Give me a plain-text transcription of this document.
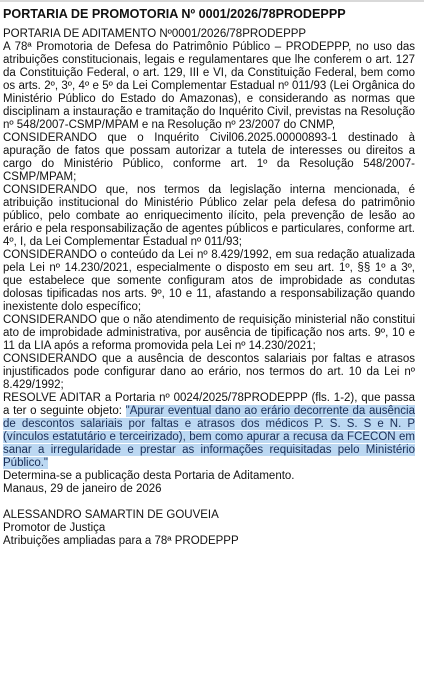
PORTARIA DE PROMOTORIA Nº 0001/2026/78PRODEPPP

PORTARIA DE ADITAMENTO Nº0001/2026/78PRODEPPP

A 78ª Promotoria de Defesa do Patrimônio Público – PRODEPPP, no uso das atribuições constitucionais, legais e regulamentares que lhe conferem o art. 127 da Constituição Federal, o art. 129, III e VI, da Constituição Federal, bem como os arts. 2º, 3º, 4º e 5º da Lei Complementar Estadual nº 011/93 (Lei Orgânica do Ministério Público do Estado do Amazonas), e considerando as normas que disciplinam a instauração e tramitação do Inquérito Civil, previstas na Resolução nº 548/2007-CSMP/MPAM e na Resolução nº 23/2007 do CNMP,

CONSIDERANDO que o Inquérito Civil06.2025.00000893-1 destinado à apuração de fatos que possam autorizar a tutela de interesses ou direitos a cargo do Ministério Público, conforme art. 1º da Resolução 548/2007-CSMP/MPAM;

CONSIDERANDO que, nos termos da legislação interna mencionada, é atribuição institucional do Ministério Público zelar pela defesa do patrimônio público, pelo combate ao enriquecimento ilícito, pela prevenção de lesão ao erário e pela responsabilização de agentes públicos e particulares, conforme art. 4º, I, da Lei Complementar Estadual nº 011/93;

CONSIDERANDO o conteúdo da Lei nº 8.429/1992, em sua redação atualizada pela Lei nº 14.230/2021, especialmente o disposto em seu art. 1º, §§ 1º a 3º, que estabelece que somente configuram atos de improbidade as condutas dolosas tipificadas nos arts. 9º, 10 e 11, afastando a responsabilização quando inexistente dolo específico;

CONSIDERANDO que o não atendimento de requisição ministerial não constitui ato de improbidade administrativa, por ausência de tipificação nos arts. 9º, 10 e 11 da LIA após a reforma promovida pela Lei nº 14.230/2021;

CONSIDERANDO que a ausência de descontos salariais por faltas e atrasos injustificados pode configurar dano ao erário, nos termos do art. 10 da Lei nº 8.429/1992;

RESOLVE ADITAR a Portaria nº 0024/2025/78PRODEPPP (fls. 1-2), que passa a ter o seguinte objeto: "Apurar eventual dano ao erário decorrente da ausência de descontos salariais por faltas e atrasos dos médicos P. S. S. S e N. P (vínculos estatutário e terceirizado), bem como apurar a recusa da FCECON em sanar a irregularidade e prestar as informações requisitadas pelo Ministério Público."

Determina-se a publicação desta Portaria de Aditamento.

Manaus, 29 de janeiro de 2026

ALESSANDRO SAMARTIN DE GOUVEIA

Promotor de Justiça

Atribuições ampliadas para a 78ª PRODEPPP
